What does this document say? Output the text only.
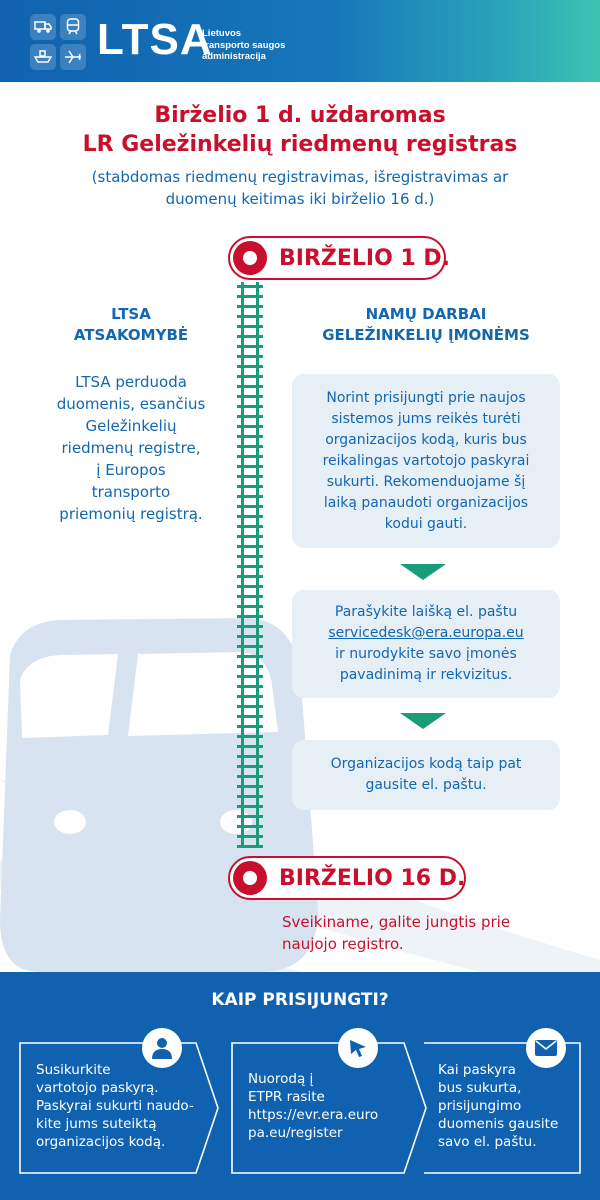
LTSA
Lietuvos
transporto saugos
administracija
Birželio 1 d. uždaromas
LR Geležinkelių riedmenų registras
(stabdomas riedmenų registravimas, išregistravimas ar
duomenų keitimas iki birželio 16 d.)
BIRŽELIO 1 D.
LTSA
ATSAKOMYBĖ
LTSA perduoda
duomenis, esančius
Geležinkelių
riedmenų registre,
į Europos
transporto
priemonių registrą.
NAMŲ DARBAI
GELEŽINKELIŲ ĮMONĖMS
Norint prisijungti prie naujos
sistemos jums reikės turėti
organizacijos kodą, kuris bus
reikalingas vartotojo paskyrai
sukurti. Rekomenduojame šį
laiką panaudoti organizacijos
kodui gauti.
Parašykite laišką el. paštu
servicedesk@era.europa.eu
ir nurodykite savo įmonės
pavadinimą ir rekvizitus.
Organizacijos kodą taip pat
gausite el. paštu.
BIRŽELIO 16 D.
Sveikiname, galite jungtis prie
naujojo registro.
KAIP PRISIJUNGTI?
Susikurkite
vartotojo paskyrą.
Paskyrai sukurti naudo-
kite jums suteiktą
organizacijos kodą.
Nuorodą į
ETPR rasite
https://evr.era.euro
pa.eu/register
Kai paskyra
bus sukurta,
prisijungimo
duomenis gausite
savo el. paštu.
